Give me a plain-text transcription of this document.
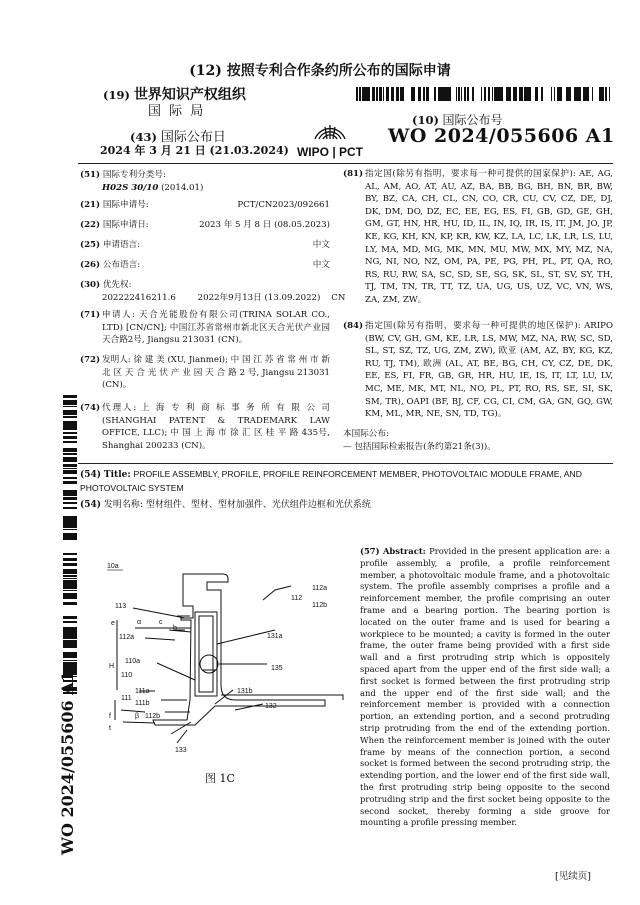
(12) 按照专利合作条约所公布的国际申请
(19) 世界知识产权组织
国 际 局
(43) 国际公布日
2024 年 3 月 21 日 (21.03.2024)
(10) 国际公布号
WO 2024/055606 A1
WIPO | PCT
(51) 国际专利分类号:
H02S 30/10 (2014.01)
(21) 国际申请号:	PCT/CN2023/092661
(22) 国际申请日:	2023 年 5 月 8 日 (08.05.2023)
(25) 申请语言:	中文
(26) 公布语言:	中文
(30) 优先权:
202222416211.6        2022年9月13日 (13.09.2022)    CN
(71) 申请人: 天合光能股份有限公司(TRINA SOLAR CO., LTD) [CN/CN]; 中国江苏省常州市新北区天合光伏产业园天合路2号, Jiangsu 213031 (CN)。
(72) 发明人: 徐 建 美 (XU, Jianmei); 中 国 江 苏 省 常 州 市 新 北 区 天 合 光 伏 产 业 园 天 合 路 2 号, Jiangsu 213031 (CN)。
(74) 代理人: 上 海 专 利 商 标 事 务 所 有 限 公 司 (SHANGHAI PATENT & TRADEMARK LAW OFFICE, LLC); 中 国 上 海 市 徐 汇 区 桂 平 路 435号, Shanghai 200233 (CN)。
(81) 指定国(除另有指明，要求每一种可提供的国家保护): AE, AG, AL, AM, AO, AT, AU, AZ, BA, BB, BG, BH, BN, BR, BW, BY, BZ, CA, CH, CL, CN, CO, CR, CU, CV, CZ, DE, DJ, DK, DM, DO, DZ, EC, EE, EG, ES, FI, GB, GD, GE, GH, GM, GT, HN, HR, HU, ID, IL, IN, IQ, IR, IS, IT, JM, JO, JP, KE, KG, KH, KN, KP, KR, KW, KZ, LA, LC, LK, LR, LS, LU, LY, MA, MD, MG, MK, MN, MU, MW, MX, MY, MZ, NA, NG, NI, NO, NZ, OM, PA, PE, PG, PH, PL, PT, QA, RO, RS, RU, RW, SA, SC, SD, SE, SG, SK, SL, ST, SV, SY, TH, TJ, TM, TN, TR, TT, TZ, UA, UG, US, UZ, VC, VN, WS, ZA, ZM, ZW。
(84) 指定国(除另有指明，要求每一种可提供的地区保护): ARIPO (BW, CV, GH, GM, KE, LR, LS, MW, MZ, NA, RW, SC, SD, SL, ST, SZ, TZ, UG, ZM, ZW), 欧亚 (AM, AZ, BY, KG, KZ, RU, TJ, TM), 欧洲 (AL, AT, BE, BG, CH, CY, CZ, DE, DK, EE, ES, FI, FR, GB, GR, HR, HU, IE, IS, IT, LT, LU, LV, MC, ME, MK, MT, NL, NO, PL, PT, RO, RS, SE, SI, SK, SM, TR), OAPI (BF, BJ, CF, CG, CI, CM, GA, GN, GQ, GW, KM, ML, MR, NE, SN, TD, TG)。
本国际公布:
— 包括国际检索报告(条约第21条(3))。
WO 2024/055606 A1
(54) Title: PROFILE ASSEMBLY, PROFILE, PROFILE REINFORCEMENT MEMBER, PHOTOVOLTAIC MODULE FRAME, AND PHOTOVOLTAIC SYSTEM
(54) 发明名称: 型材组件、型材、型材加强件、光伏组件边框和光伏系统
10a
112
112a
112b
113
e	α	c
b
112a	131a
110a
H
110
135
131b
111
111a
111b	132
f	β 112b
t
133
图 1C
(57) Abstract: Provided in the present application are: a profile assembly, a profile, a profile reinforcement member, a photovoltaic module frame, and a photovoltaic system. The profile assembly comprises a profile and a reinforcement member, the profile comprising an outer frame and a bearing portion. The bearing portion is located on the outer frame and is used for bearing a workpiece to be mounted; a cavity is formed in the outer frame, the outer frame being provided with a first side wall and a first protruding strip which is oppositely spaced apart from the upper end of the first side wall; a first socket is formed between the first protruding strip and the upper end of the first side wall; and the reinforcement member is provided with a connection portion, an extending portion, and a second protruding strip protruding from the end of the extending portion. When the reinforcement member is joined with the outer frame by means of the connection portion, a second socket is formed between the second protruding strip, the extending portion, and the lower end of the first side wall, the first protruding strip being opposite to the second protruding strip and the first socket being opposite to the second socket, thereby forming a side groove for mounting a profile pressing member.
[见续页]
